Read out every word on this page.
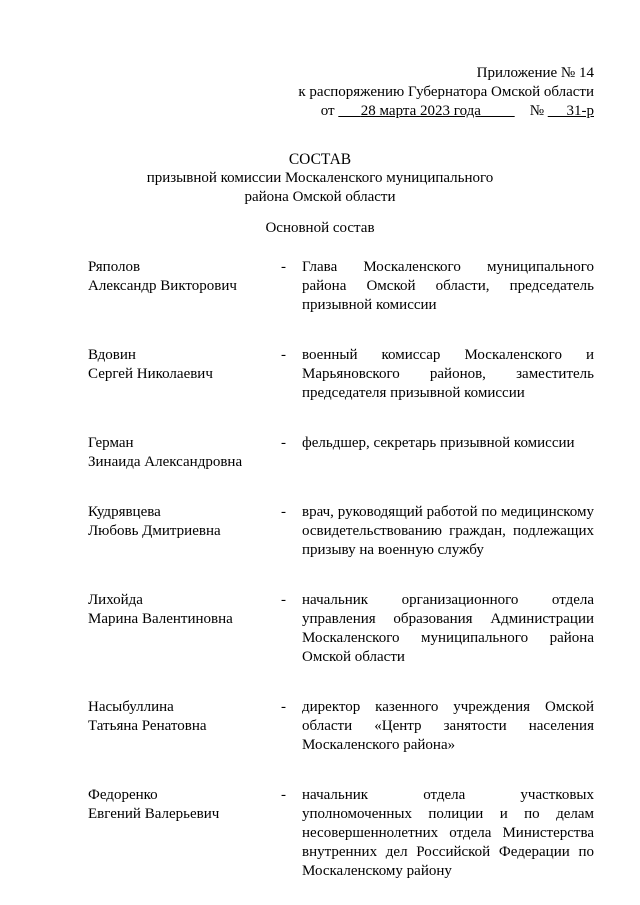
Приложение № 14
к распоряжению Губернатора Омской области
от 28 марта 2023 года	№ 31-р
СОСТАВ
призывной комиссии Москаленского муниципального
района Омской области
Основной состав
Ряполов
Александр Викторович
- Глава Москаленского муниципального района Омской области, председатель призывной комиссии
Вдовин
Сергей Николаевич
- военный комиссар Москаленского и Марьяновского районов, заместитель председателя призывной комиссии
Герман
Зинаида Александровна
- фельдшер, секретарь призывной комиссии
Кудрявцева
Любовь Дмитриевна
- врач, руководящий работой по медицинскому освидетельствованию граждан, подлежащих призыву на военную службу
Лихойда
Марина Валентиновна
- начальник организационного отдела управления образования Администрации Москаленского муниципального района Омской области
Насыбуллина
Татьяна Ренатовна
- директор казенного учреждения Омской области «Центр занятости населения Москаленского района»
Федоренко
Евгений Валерьевич
- начальник отдела участковых уполномоченных полиции и по делам несовершеннолетних отдела Министерства внутренних дел Российской Федерации по Москаленскому району
